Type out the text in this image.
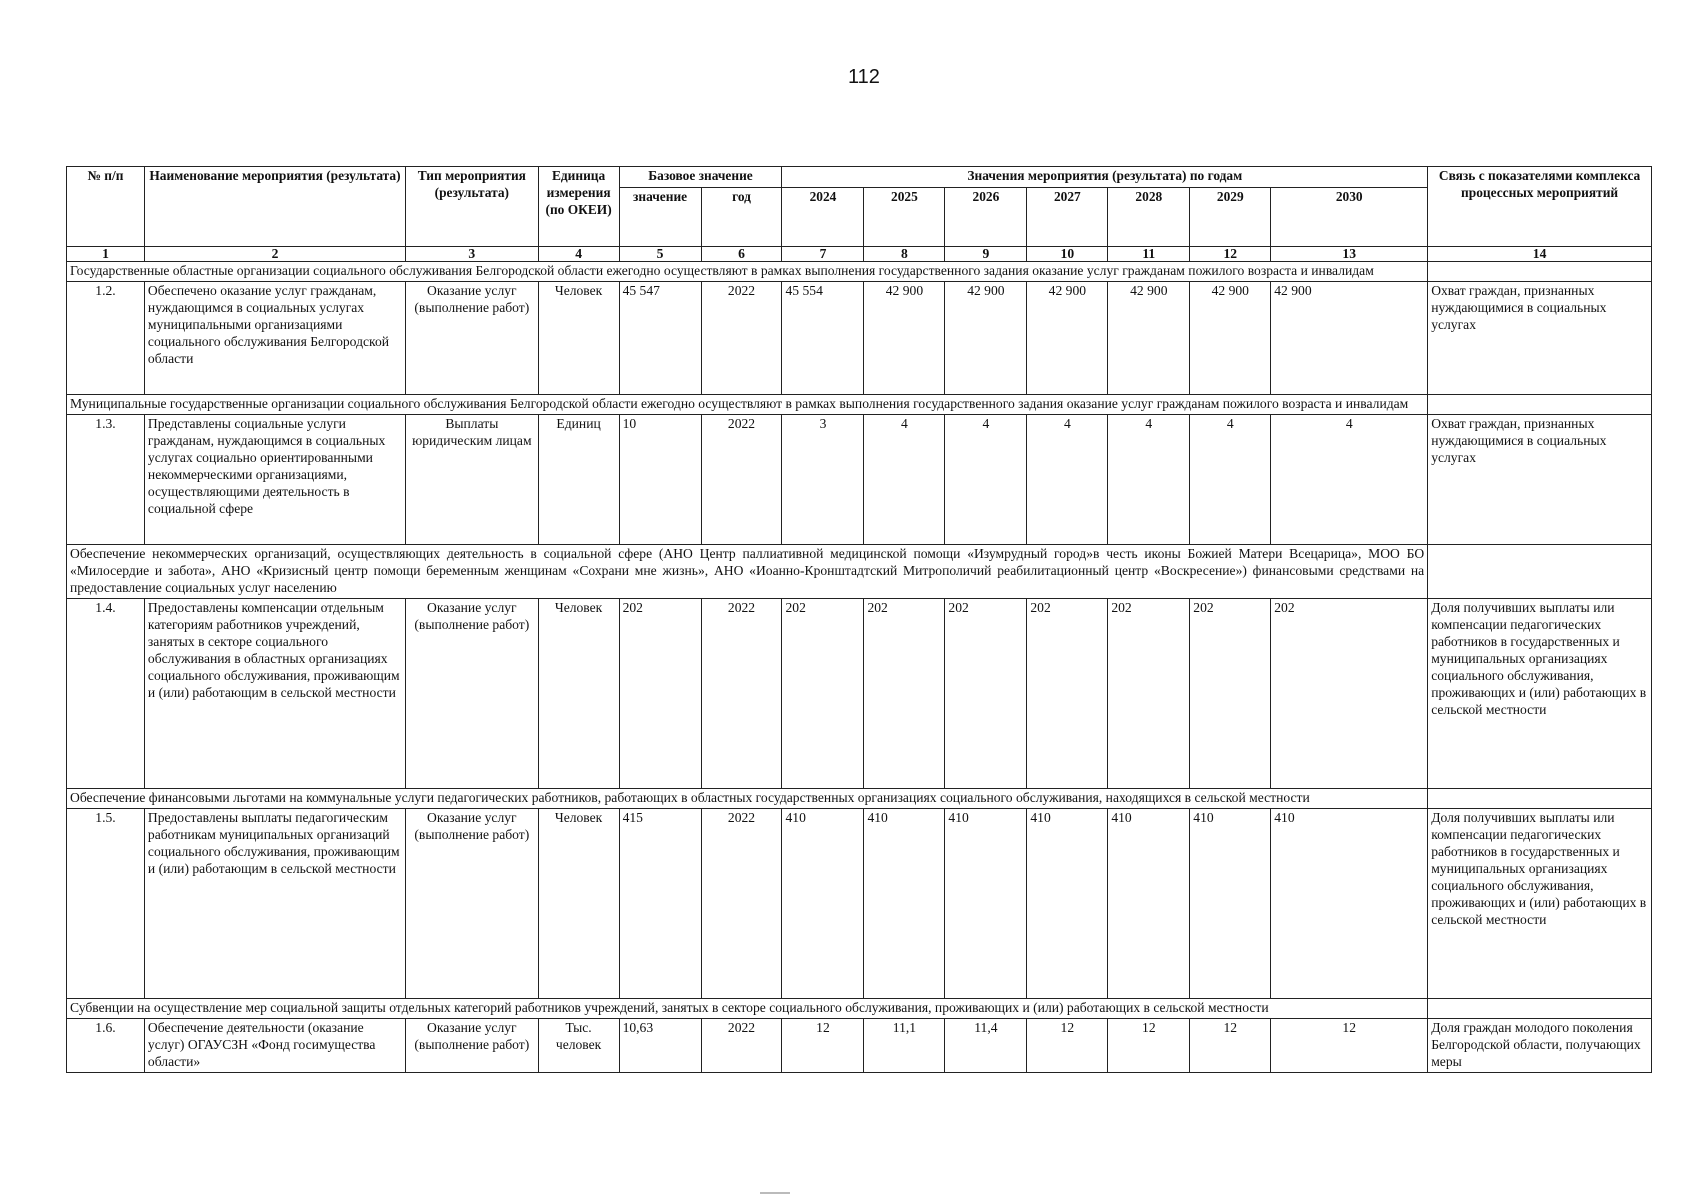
112
№ п/п	Наименование мероприятия (результата)	Тип мероприятия (результата)	Единица измерения (по ОКЕИ)	Базовое значение		Значения мероприятия (результата) по годам							Связь с показателями комплекса процессных мероприятий
				значение	год	2024	2025	2026	2027	2028	2029	2030	
1	2	3	4	5	6	7	8	9	10	11	12	13	14
Государственные областные организации социального обслуживания Белгородской области ежегодно осуществляют в рамках выполнения государственного задания оказание услуг гражданам пожилого возраста и инвалидам													
1.2.	Обеспечено оказание услуг гражданам, нуждающимся в социальных услугах муниципальными организациями социального обслуживания Белгородской области	Оказание услуг (выполнение работ)	Человек	45 547	2022	45 554	42 900	42 900	42 900	42 900	42 900	42 900	Охват граждан, признанных нуждающимися в социальных услугах
Муниципальные государственные организации социального обслуживания Белгородской области ежегодно осуществляют в рамках выполнения государственного задания оказание услуг гражданам пожилого возраста и инвалидам													
1.3.	Представлены социальные услуги гражданам, нуждающимся в социальных услугах социально ориентированными некоммерческими организациями, осуществляющими деятельность в социальной сфере	Выплаты юридическим лицам	Единиц	10	2022	3	4	4	4	4	4	4	Охват граждан, признанных нуждающимися в социальных услугах
Обеспечение некоммерческих организаций, осуществляющих деятельность в социальной сфере (АНО Центр паллиативной медицинской помощи «Изумрудный город»в честь иконы Божией Матери Всецарица», МОО БО «Милосердие и забота», АНО «Кризисный центр помощи беременным женщинам «Сохрани мне жизнь», АНО «Иоанно-Кронштадтский Митрополичий реабилитационный центр «Воскресение») финансовыми средствами на предоставление социальных услуг населению													
1.4.	Предоставлены компенсации отдельным категориям работников учреждений, занятых в секторе социального обслуживания в областных организациях социального обслуживания, проживающим и (или) работающим в сельской местности	Оказание услуг (выполнение работ)	Человек	202	2022	202	202	202	202	202	202	202	Доля получивших выплаты или компенсации педагогических работников в государственных и муниципальных организациях социального обслуживания, проживающих и (или) работающих в сельской местности
Обеспечение финансовыми льготами на коммунальные услуги педагогических работников, работающих в областных государственных организациях социального обслуживания, находящихся в сельской местности													
1.5.	Предоставлены выплаты педагогическим работникам муниципальных организаций социального обслуживания, проживающим и (или) работающим в сельской местности	Оказание услуг (выполнение работ)	Человек	415	2022	410	410	410	410	410	410	410	Доля получивших выплаты или компенсации педагогических работников в государственных и муниципальных организациях социального обслуживания, проживающих и (или) работающих в сельской местности
Субвенции на осуществление мер социальной защиты отдельных категорий работников учреждений, занятых в секторе социального обслуживания, проживающих и (или) работающих в сельской местности													
1.6.	Обеспечение деятельности (оказание услуг) ОГАУСЗН «Фонд госимущества области»	Оказание услуг (выполнение работ)	Тыс. человек	10,63	2022	12	11,1	11,4	12	12	12	12	Доля граждан молодого поколения Белгородской области, получающих меры
